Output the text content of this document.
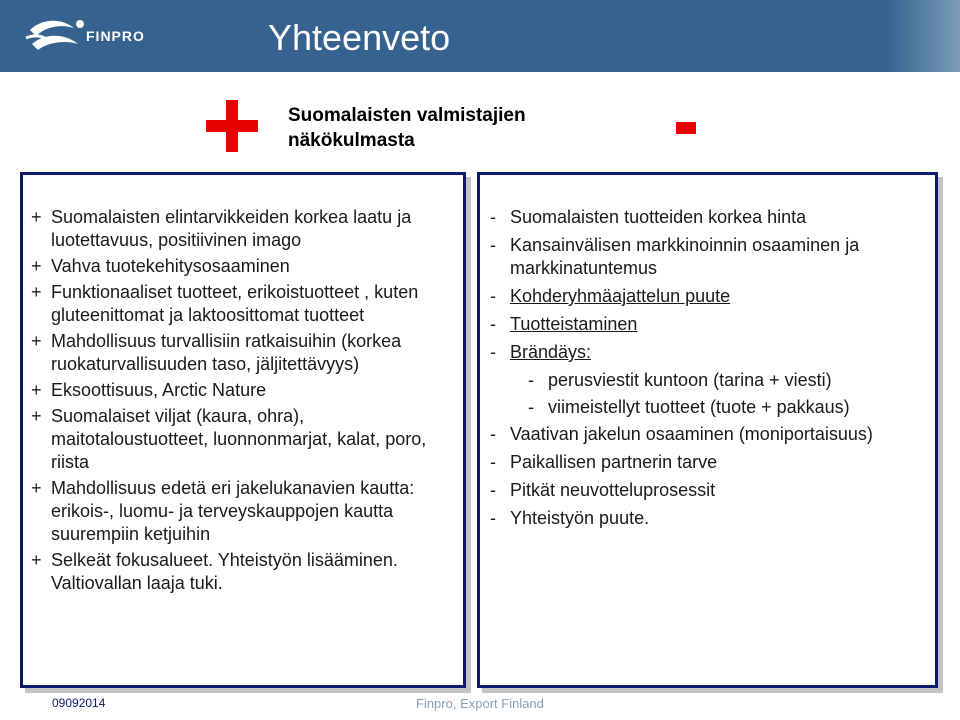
FINPRO	Yhteenveto
Suomalaisten valmistajien
näkökulmasta
+ Suomalaisten elintarvikkeiden korkea laatu ja luotettavuus, positiivinen imago
+ Vahva tuotekehitysosaaminen
+ Funktionaaliset tuotteet, erikoistuotteet , kuten gluteenittomat ja laktoosittomat tuotteet
+ Mahdollisuus turvallisiin ratkaisuihin (korkea ruokaturvallisuuden taso, jäljitettävyys)
+ Eksoottisuus, Arctic Nature
+ Suomalaiset viljat (kaura, ohra), maitotaloustuotteet, luonnonmarjat, kalat, poro, riista
+ Mahdollisuus edetä eri jakelukanavien kautta: erikois-, luomu- ja terveyskauppojen kautta suurempiin ketjuihin
+ Selkeät fokusalueet. Yhteistyön lisääminen. Valtiovallan laaja tuki.
- Suomalaisten tuotteiden korkea hinta
- Kansainvälisen markkinoinnin osaaminen ja markkinatuntemus
- Kohderyhmäajattelun puute
- Tuotteistaminen
- Brändäys:
- perusviestit kuntoon (tarina + viesti)
- viimeistellyt tuotteet (tuote + pakkaus)
- Vaativan jakelun osaaminen (moniportaisuus)
- Paikallisen partnerin tarve
- Pitkät neuvotteluprosessit
- Yhteistyön puute.
09092014	Finpro, Export Finland
